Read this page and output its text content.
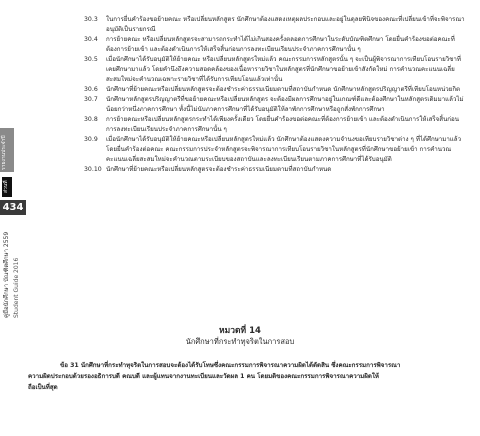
รายงานประจำปี
ส่วนที่
434
คู่มือนักศึกษา บัณฑิตศึกษา 2559 Student Guide 2016
30.3	ในการยื่นคำร้องขอย้ายคณะ หรือเปลี่ยนหลักสูตร นักศึกษาต้องแสดงเหตุผลประกอบและอยู่ในดุลยพินิจของคณะที่เปลี่ยนเข้าที่จะพิจารณาอนุมัติเป็นรายกรณี
30.4	การย้ายคณะ หรือเปลี่ยนหลักสูตรจะสามารถกระทำได้ไม่เกินสองครั้งตลอดการศึกษาในระดับบัณฑิตศึกษา โดยยื่นคำร้องขอต่อคณะที่ต้องการย้ายเข้า และต้องดำเนินการให้เสร็จสิ้นก่อนการลงทะเบียนเรียนประจำภาคการศึกษานั้น ๆ
30.5	เมื่อนักศึกษาได้รับอนุมัติให้ย้ายคณะ หรือเปลี่ยนหลักสูตรใหม่แล้ว คณะกรรมการหลักสูตรนั้น ๆ จะเป็นผู้พิจารณาการเทียบโอนรายวิชาที่เคยศึกษามาแล้ว โดยคำนึงถึงความสอดคล้องของเนื้อหารายวิชาในหลักสูตรที่นักศึกษาขอย้ายเข้าสังกัดใหม่ การคำนวณคะแนนเฉลี่ยสะสมใหม่จะคำนวณเฉพาะรายวิชาที่ได้รับการเทียบโอนแล้วเท่านั้น
30.6	นักศึกษาที่ย้ายคณะหรือเปลี่ยนหลักสูตรจะต้องชำระค่าธรรมเนียมตามที่สถาบันกำหนด นักศึกษาหลักสูตรปริญญาตรีที่เทียบโอนหน่วยกิต
30.7	นักศึกษาหลักสูตรปริญญาตรีที่ขอย้ายคณะหรือเปลี่ยนหลักสูตร จะต้องมีผลการศึกษาอยู่ในเกณฑ์ดีและต้องศึกษาในหลักสูตรเดิมมาแล้วไม่น้อยกว่าหนึ่งภาคการศึกษา ทั้งนี้ไม่นับภาคการศึกษาที่ได้รับอนุมัติให้ลาพักการศึกษาหรือถูกสั่งพักการศึกษา
30.8	การย้ายคณะหรือเปลี่ยนหลักสูตรกระทำได้เพียงครั้งเดียว โดยยื่นคำร้องขอต่อคณะที่ต้องการย้ายเข้า และต้องดำเนินการให้เสร็จสิ้นก่อนการลงทะเบียนเรียนประจำภาคการศึกษานั้น ๆ
30.9	เมื่อนักศึกษาได้รับอนุมัติให้ย้ายคณะหรือเปลี่ยนหลักสูตรใหม่แล้ว นักศึกษาต้องแสดงความจำนงขอเทียบรายวิชาต่าง ๆ ที่ได้ศึกษามาแล้วโดยยื่นคำร้องต่อคณะ คณะกรรมการประจำหลักสูตรจะพิจารณาการเทียบโอนรายวิชาในหลักสูตรที่นักศึกษาขอย้ายเข้า การคำนวณคะแนนเฉลี่ยสะสมใหม่จะคำนวณตามระเบียบของสถาบันและลงทะเบียนเรียนตามภาคการศึกษาที่ได้รับอนุมัติ
30.10 นักศึกษาที่ย้ายคณะหรือเปลี่ยนหลักสูตรจะต้องชำระค่าธรรมเนียมตามที่สถาบันกำหนด
หมวดที่ 14
นักศึกษาที่กระทำทุจริตในการสอบ
ข้อ 31 นักศึกษาที่กระทำทุจริตในการสอบจะต้องได้รับโทษซึ่งคณะกรรมการพิจารณาความผิดได้ตัดสิน ซึ่งคณะกรรมการพิจารณา
ความผิดประกอบด้วยรองอธิการบดี คณบดี และผู้แทนจากงานทะเบียนและวัดผล 1 คน โดยมติของคณะกรรมการพิจารณาความผิดให้
ถือเป็นที่สุด
